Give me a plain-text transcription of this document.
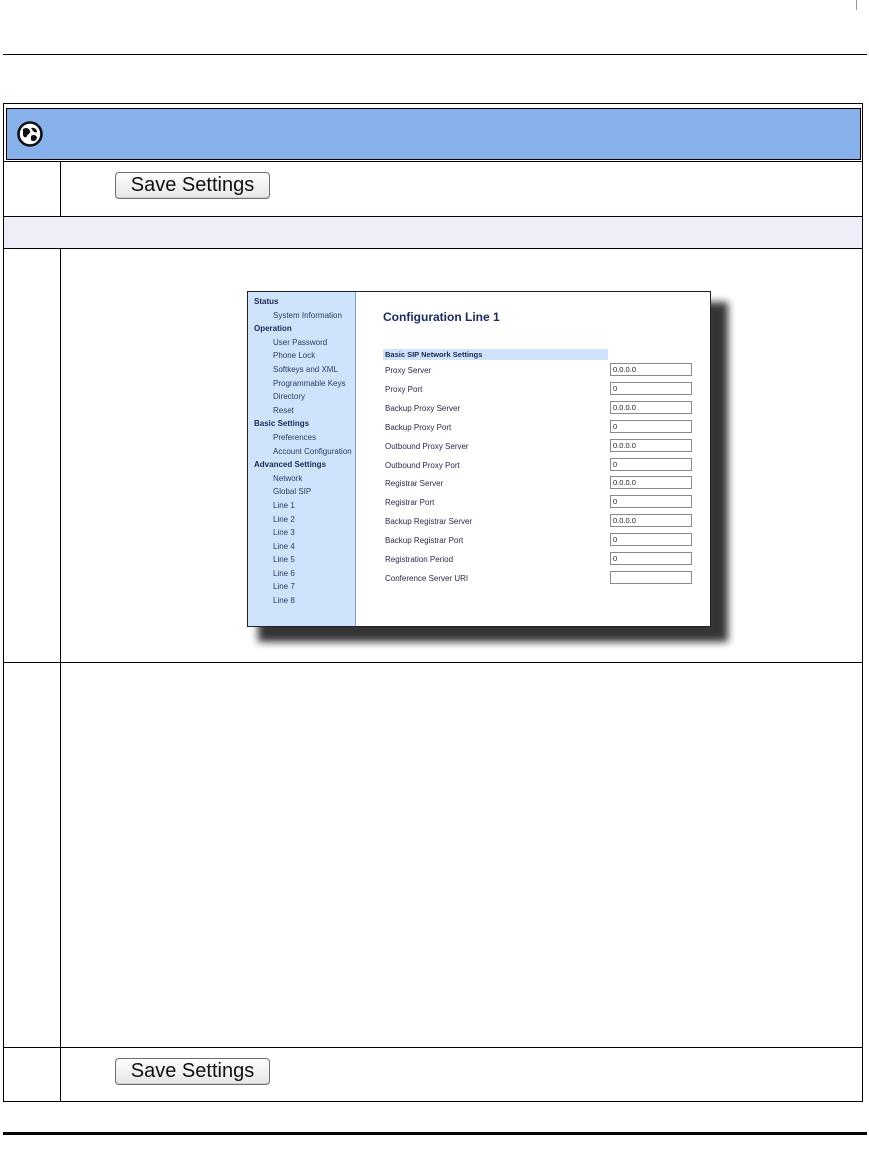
Save Settings
Status
System Information
Operation
User Password
Phone Lock
Softkeys and XML
Programmable Keys
Directory
Reset
Basic Settings
Preferences
Account Configuration
Advanced Settings
Network
Global SIP
Line 1
Line 2
Line 3
Line 4
Line 5
Line 6
Line 7
Line 8
Configuration Line 1
Basic SIP Network Settings
Proxy Server	0.0.0.0
Proxy Port	0
Backup Proxy Server	0.0.0.0
Backup Proxy Port	0
Outbound Proxy Server	0.0.0.0
Outbound Proxy Port	0
Registrar Server	0.0.0.0
Registrar Port	0
Backup Registrar Server	0.0.0.0
Backup Registrar Port	0
Registration Period	0
Conference Server URI
Save Settings
